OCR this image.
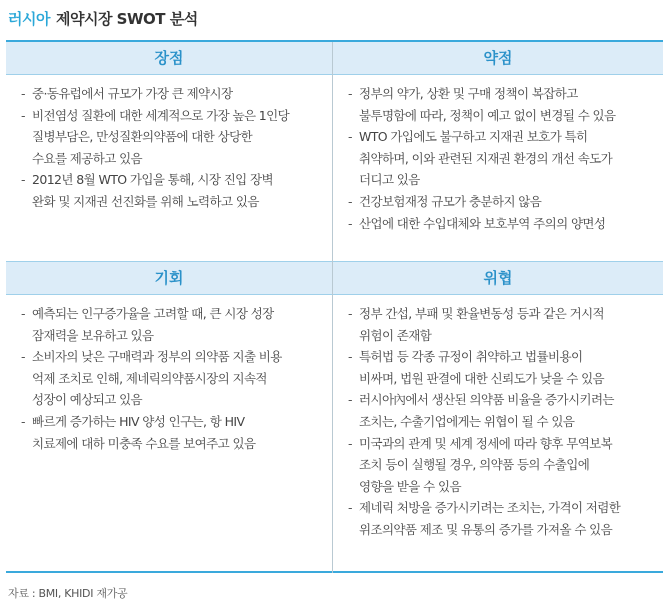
러시아 제약시장 SWOT 분석
장점
- 중·동유럽에서 규모가 가장 큰 제약시장
- 비전염성 질환에 대한 세계적으로 가장 높은 1인당
질병부담은, 만성질환의약품에 대한 상당한
수요를 제공하고 있음
- 2012년 8월 WTO 가입을 통해, 시장 진입 장벽
완화 및 지재권 선진화를 위해 노력하고 있음
약점
- 정부의 약가, 상환 및 구매 정책이 복잡하고
불투명함에 따라, 정책이 예고 없이 변경될 수 있음
- WTO 가입에도 불구하고 지재권 보호가 특히
취약하며, 이와 관련된 지재권 환경의 개선 속도가
더디고 있음
- 건강보험재정 규모가 충분하지 않음
- 산업에 대한 수입대체와 보호부역 주의의 양면성
기회
- 예측되는 인구증가율을 고려할 때, 큰 시장 성장
잠재력을 보유하고 있음
- 소비자의 낮은 구매력과 정부의 의약품 지출 비용
억제 조치로 인해, 제네릭의약품시장의 지속적
성장이 예상되고 있음
- 빠르게 증가하는 HIV 양성 인구는, 항 HIV
치료제에 대하 미충족 수요를 보여주고 있음
위협
- 정부 간섭, 부패 및 환율변동성 등과 같은 거시적
위험이 존재함
- 특허법 등 각종 규정이 취약하고 법률비용이
비싸며, 법원 판결에 대한 신뢰도가 낮을 수 있음
- 러시아內에서 생산된 의약품 비율을 증가시키려는
조치는, 수출기업에게는 위협이 될 수 있음
- 미국과의 관계 및 세계 정세에 따라 향후 무역보복
조치 등이 실행될 경우, 의약품 등의 수출입에
영향을 받을 수 있음
- 제네릭 처방을 증가시키려는 조치는, 가격이 저렴한
위조의약품 제조 및 유통의 증가를 가져올 수 있음
자료 : BMI, KHIDI 재가공
